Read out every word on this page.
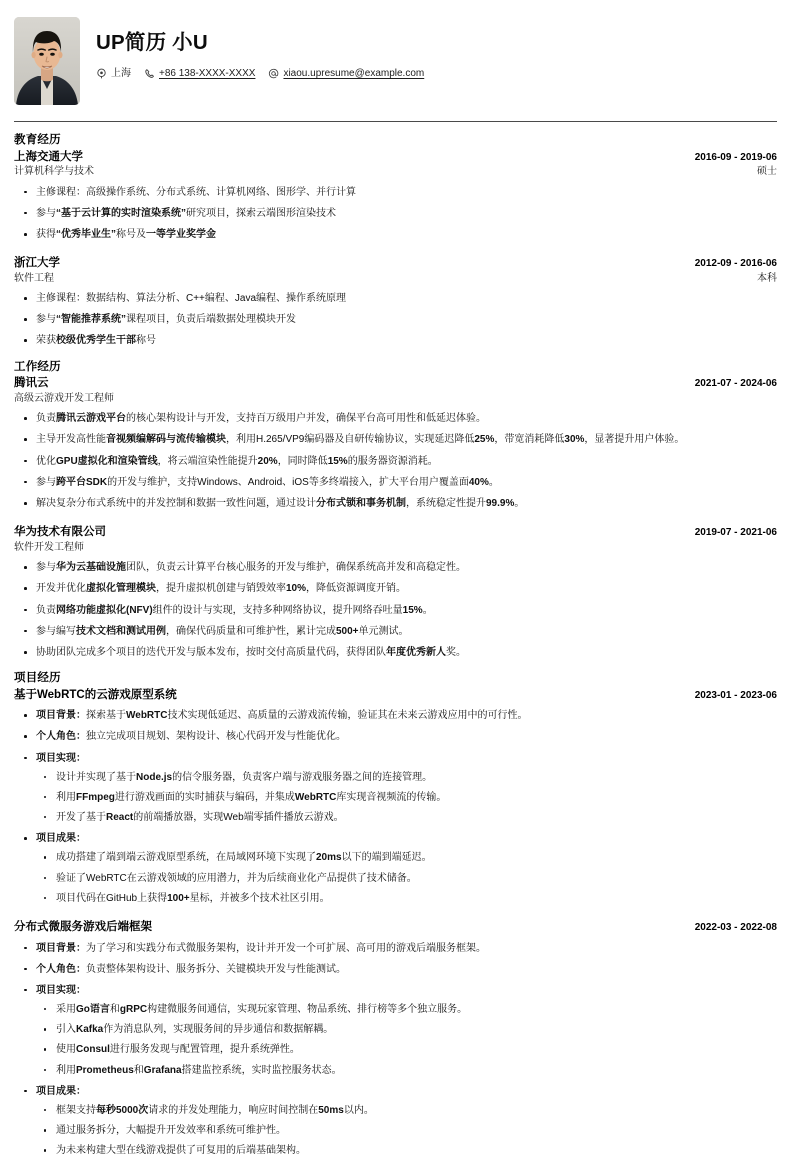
UP简历 小U
上海	+86 138-XXXX-XXXX	xiaou.upresume@example.com
教育经历
上海交通大学	2016-09 - 2019-06
计算机科学与技术	硕士
主修课程：高级操作系统、分布式系统、计算机网络、图形学、并行计算
参与“基于云计算的实时渲染系统”研究项目，探索云端图形渲染技术
获得“优秀毕业生”称号及一等学业奖学金
浙江大学	2012-09 - 2016-06
软件工程	本科
主修课程：数据结构、算法分析、C++编程、Java编程、操作系统原理
参与“智能推荐系统”课程项目，负责后端数据处理模块开发
荣获校级优秀学生干部称号
工作经历
腾讯云	2021-07 - 2024-06
高级云游戏开发工程师
负责腾讯云游戏平台的核心架构设计与开发，支持百万级用户并发，确保平台高可用性和低延迟体验。
主导开发高性能音视频编解码与流传输模块，利用H.265/VP9编码器及自研传输协议，实现延迟降低25%，带宽消耗降低30%，显著提升用户体验。
优化GPU虚拟化和渲染管线，将云端渲染性能提升20%，同时降低15%的服务器资源消耗。
参与跨平台SDK的开发与维护，支持Windows、Android、iOS等多终端接入，扩大平台用户覆盖面40%。
解决复杂分布式系统中的并发控制和数据一致性问题，通过设计分布式锁和事务机制，系统稳定性提升99.9%。
华为技术有限公司	2019-07 - 2021-06
软件开发工程师
参与华为云基础设施团队，负责云计算平台核心服务的开发与维护，确保系统高并发和高稳定性。
开发并优化虚拟化管理模块，提升虚拟机创建与销毁效率10%，降低资源调度开销。
负责网络功能虚拟化(NFV)组件的设计与实现，支持多种网络协议，提升网络吞吐量15%。
参与编写技术文档和测试用例，确保代码质量和可维护性，累计完成500+单元测试。
协助团队完成多个项目的迭代开发与版本发布，按时交付高质量代码，获得团队年度优秀新人奖。
项目经历
基于WebRTC的云游戏原型系统	2023-01 - 2023-06
项目背景：探索基于WebRTC技术实现低延迟、高质量的云游戏流传输，验证其在未来云游戏应用中的可行性。
个人角色：独立完成项目规划、架构设计、核心代码开发与性能优化。
项目实现：
设计并实现了基于Node.js的信令服务器，负责客户端与游戏服务器之间的连接管理。
利用FFmpeg进行游戏画面的实时捕获与编码，并集成WebRTC库实现音视频流的传输。
开发了基于React的前端播放器，实现Web端零插件播放云游戏。
项目成果：
成功搭建了端到端云游戏原型系统，在局域网环境下实现了20ms以下的端到端延迟。
验证了WebRTC在云游戏领域的应用潜力，并为后续商业化产品提供了技术储备。
项目代码在GitHub上获得100+星标，并被多个技术社区引用。
分布式微服务游戏后端框架	2022-03 - 2022-08
项目背景：为了学习和实践分布式微服务架构，设计并开发一个可扩展、高可用的游戏后端服务框架。
个人角色：负责整体架构设计、服务拆分、关键模块开发与性能测试。
项目实现：
采用Go语言和gRPC构建微服务间通信，实现玩家管理、物品系统、排行榜等多个独立服务。
引入Kafka作为消息队列，实现服务间的异步通信和数据解耦。
使用Consul进行服务发现与配置管理，提升系统弹性。
利用Prometheus和Grafana搭建监控系统，实时监控服务状态。
项目成果：
框架支持每秒5000次请求的并发处理能力，响应时间控制在50ms以内。
通过服务拆分，大幅提升开发效率和系统可维护性。
为未来构建大型在线游戏提供了可复用的后端基础架构。
